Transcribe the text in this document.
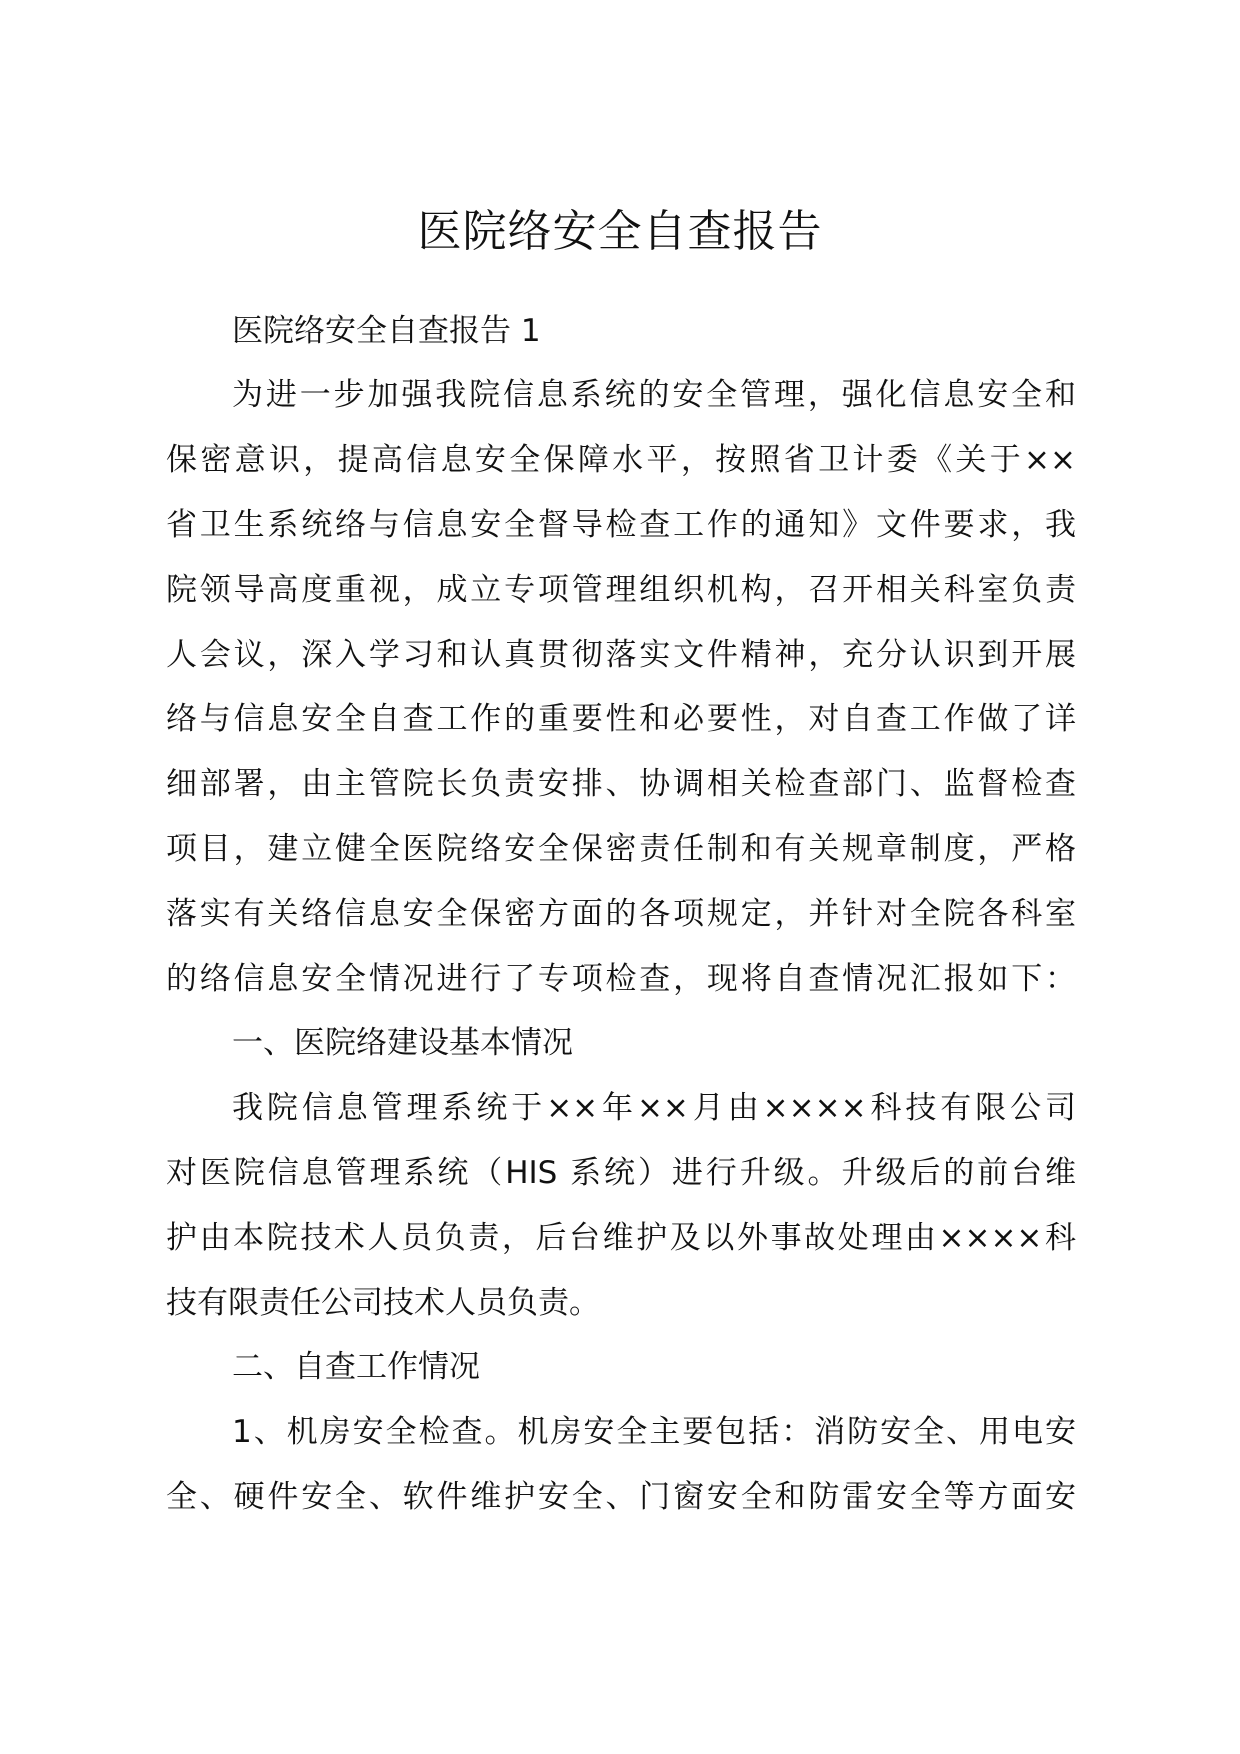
医院络安全自查报告
医院络安全自查报告 1
为进一步加强我院信息系统的安全管理，强化信息安全和
保密意识，提高信息安全保障水平，按照省卫计委《关于××
省卫生系统络与信息安全督导检查工作的通知》文件要求，我
院领导高度重视，成立专项管理组织机构，召开相关科室负责
人会议，深入学习和认真贯彻落实文件精神，充分认识到开展
络与信息安全自查工作的重要性和必要性，对自查工作做了详
细部署，由主管院长负责安排、协调相关检查部门、监督检查
项目，建立健全医院络安全保密责任制和有关规章制度，严格
落实有关络信息安全保密方面的各项规定，并针对全院各科室
的络信息安全情况进行了专项检查，现将自查情况汇报如下：
一、医院络建设基本情况
我院信息管理系统于××年××月由××××科技有限公司
对医院信息管理系统（HIS 系统）进行升级。升级后的前台维
护由本院技术人员负责，后台维护及以外事故处理由××××科
技有限责任公司技术人员负责。
二、自查工作情况
1、机房安全检查。机房安全主要包括：消防安全、用电安
全、硬件安全、软件维护安全、门窗安全和防雷安全等方面安
